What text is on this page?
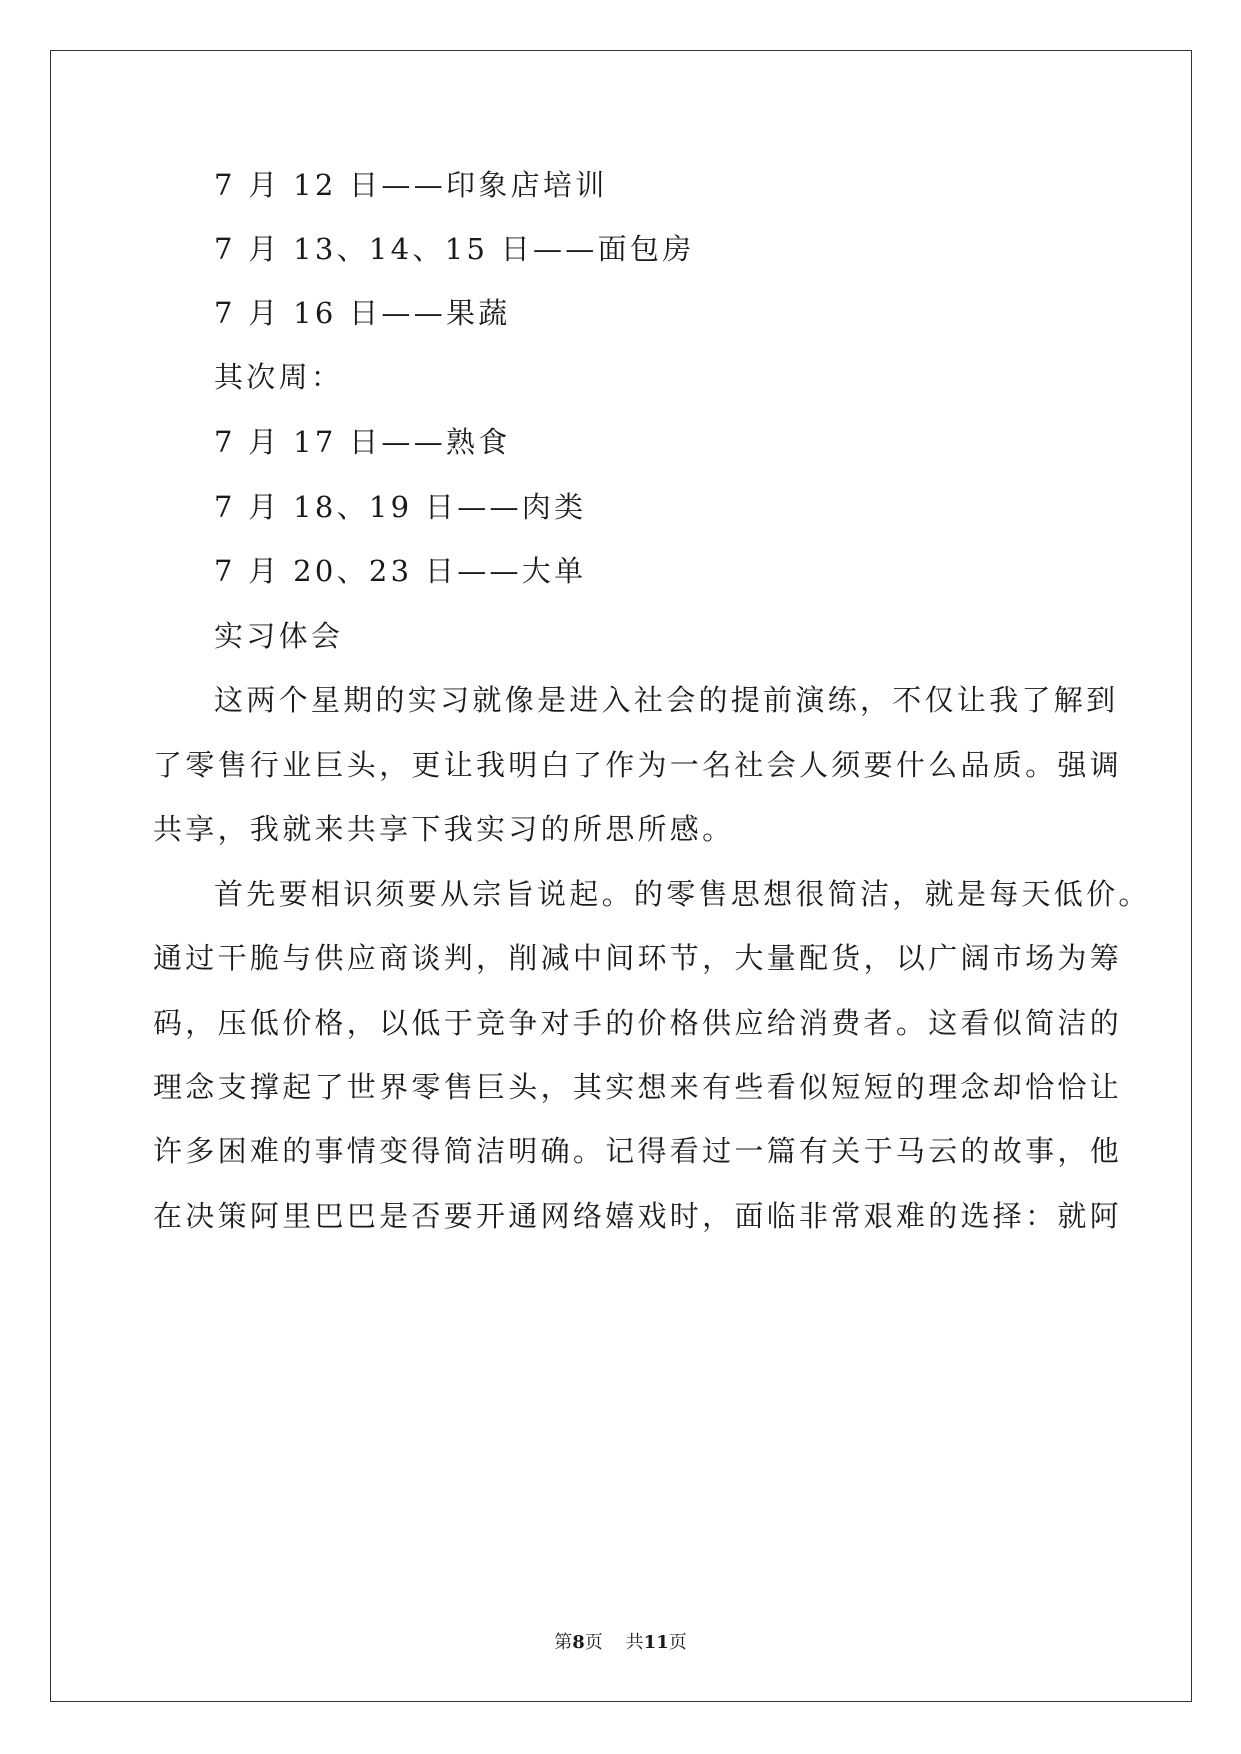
7 月 12 日——印象店培训
7 月 13、14、15 日——面包房
7 月 16 日——果蔬
其次周：
7 月 17 日——熟食
7 月 18、19 日——肉类
7 月 20、23 日——大单
实习体会
这两个星期的实习就像是进入社会的提前演练，不仅让我了解到
了零售行业巨头，更让我明白了作为一名社会人须要什么品质。强调
共享，我就来共享下我实习的所思所感。
首先要相识须要从宗旨说起。的零售思想很简洁，就是每天低价。
通过干脆与供应商谈判，削减中间环节，大量配货，以广阔市场为筹
码，压低价格，以低于竞争对手的价格供应给消费者。这看似简洁的
理念支撑起了世界零售巨头，其实想来有些看似短短的理念却恰恰让
许多困难的事情变得简洁明确。记得看过一篇有关于马云的故事，他
在决策阿里巴巴是否要开通网络嬉戏时，面临非常艰难的选择：就阿
第8页 共11页
